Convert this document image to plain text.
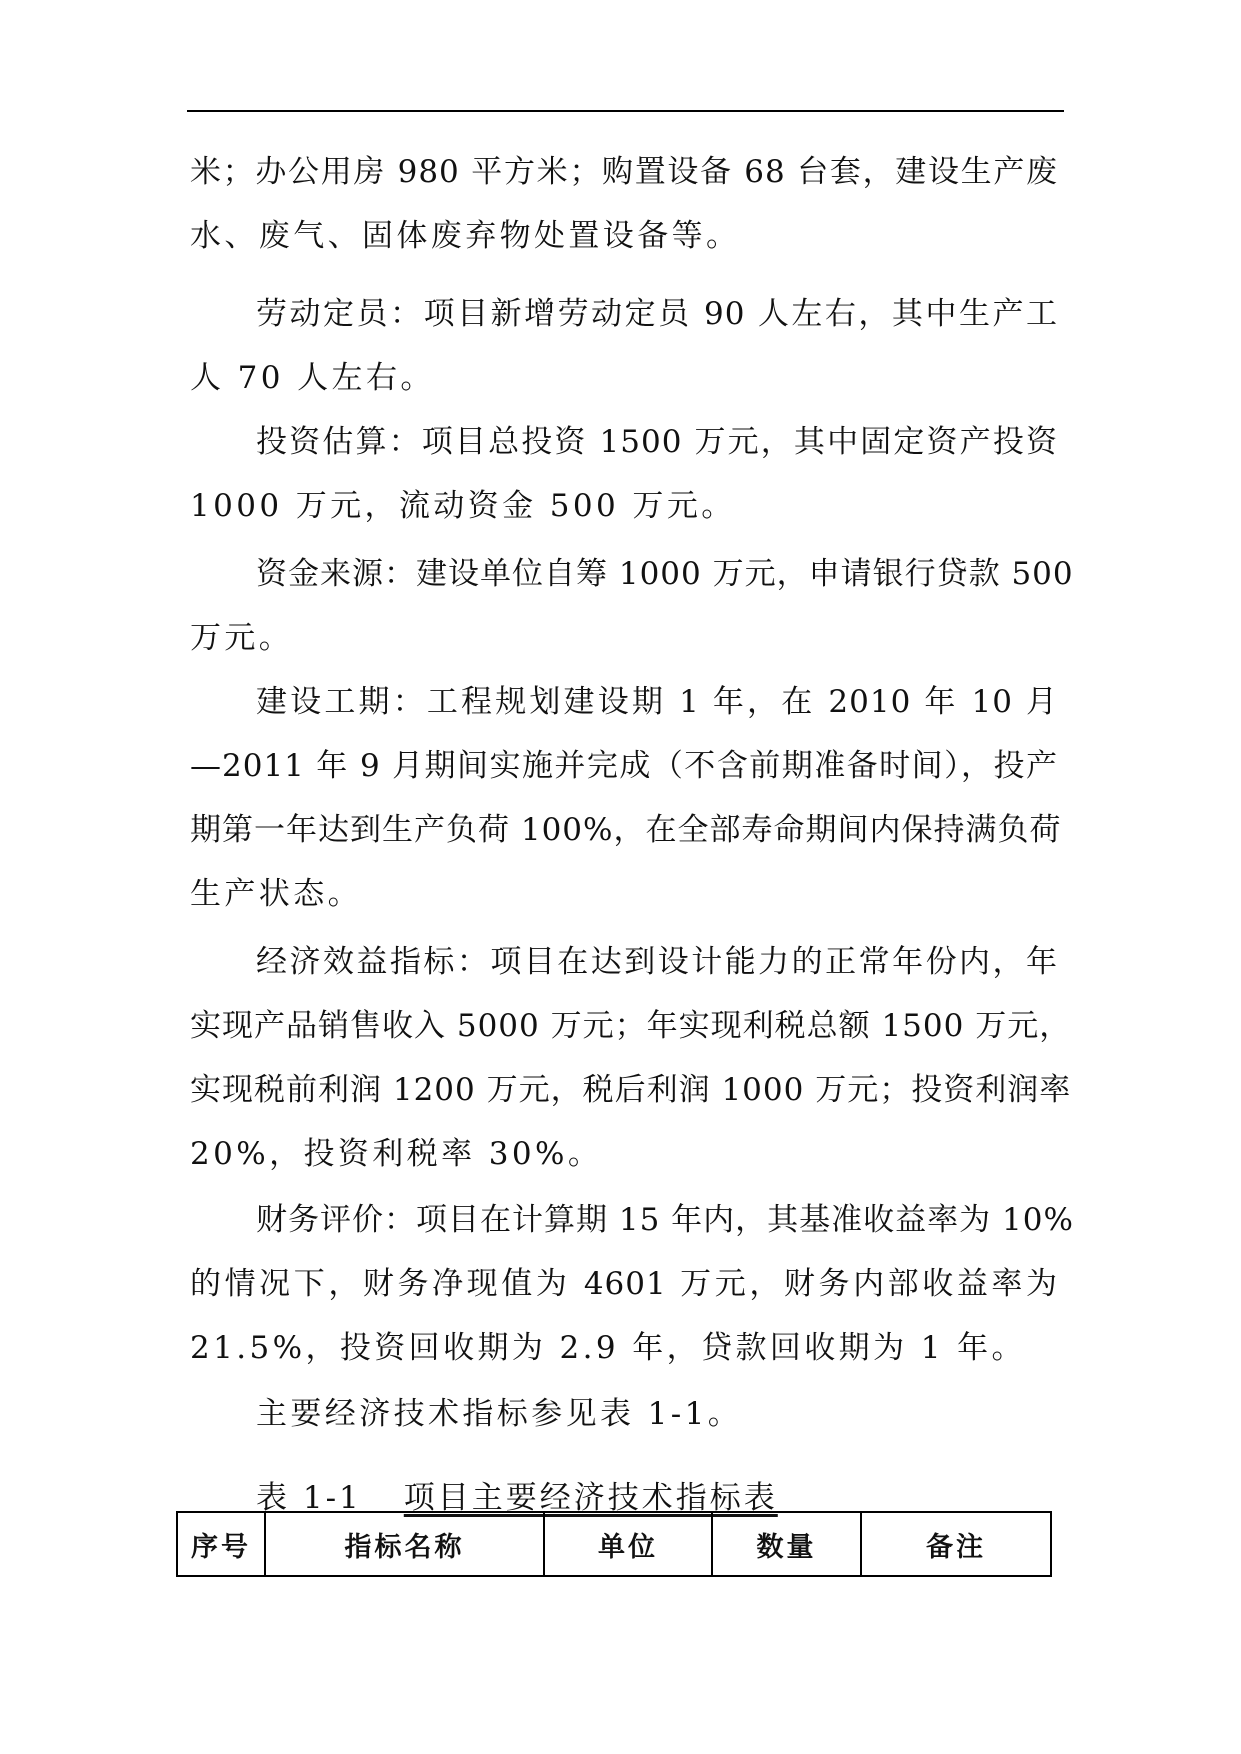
米；办公用房 980 平方米；购置设备 68 台套，建设生产废
水、废气、固体废弃物处置设备等。
劳动定员：项目新增劳动定员 90 人左右，其中生产工
人 70 人左右。
投资估算：项目总投资 1500 万元，其中固定资产投资
1000 万元，流动资金 500 万元。
资金来源：建设单位自筹 1000 万元，申请银行贷款 500
万元。
建设工期：工程规划建设期 1 年，在 2010 年 10 月
—2011 年 9 月期间实施并完成（不含前期准备时间），投产
期第一年达到生产负荷 100%，在全部寿命期间内保持满负荷
生产状态。
经济效益指标：项目在达到设计能力的正常年份内，年
实现产品销售收入 5000 万元；年实现利税总额 1500 万元，
实现税前利润 1200 万元，税后利润 1000 万元；投资利润率
20%，投资利税率 30%。
财务评价：项目在计算期 15 年内，其基准收益率为 10%
的情况下，财务净现值为 4601 万元，财务内部收益率为
21.5%，投资回收期为 2.9 年，贷款回收期为 1 年。
主要经济技术指标参见表 1-1。
表 1-1 项目主要经济技术指标表
序号	指标名称	单位	数量	备注
